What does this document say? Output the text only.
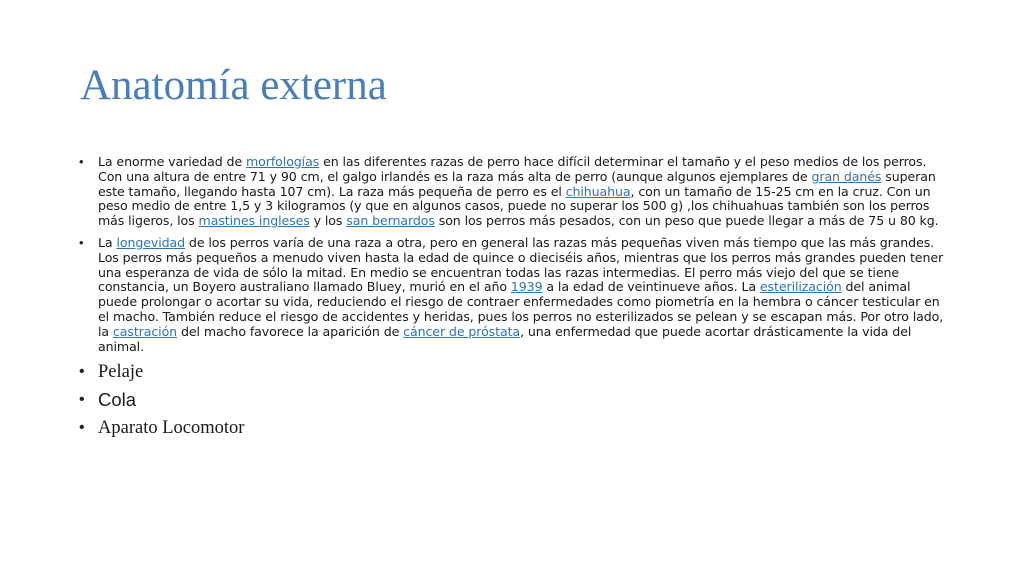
Anatomía externa
• La enorme variedad de morfologías en las diferentes razas de perro hace difícil determinar el tamaño y el peso medios de los perros. Con una altura de entre 71 y 90 cm, el galgo irlandés es la raza más alta de perro (aunque algunos ejemplares de gran danés superan este tamaño, llegando hasta 107 cm). La raza más pequeña de perro es el chihuahua, con un tamaño de 15-25 cm en la cruz. Con un peso medio de entre 1,5 y 3 kilogramos (y que en algunos casos, puede no superar los 500 g) ,los chihuahuas también son los perros más ligeros, los mastines ingleses y los san bernardos son los perros más pesados, con un peso que puede llegar a más de 75 u 80 kg.
• La longevidad de los perros varía de una raza a otra, pero en general las razas más pequeñas viven más tiempo que las más grandes. Los perros más pequeños a menudo viven hasta la edad de quince o dieciséis años, mientras que los perros más grandes pueden tener una esperanza de vida de sólo la mitad. En medio se encuentran todas las razas intermedias. El perro más viejo del que se tiene constancia, un Boyero australiano llamado Bluey, murió en el año 1939 a la edad de veintinueve años. La esterilización del animal puede prolongar o acortar su vida, reduciendo el riesgo de contraer enfermedades como piometría en la hembra o cáncer testicular en el macho. También reduce el riesgo de accidentes y heridas, pues los perros no esterilizados se pelean y se escapan más. Por otro lado, la castración del macho favorece la aparición de cáncer de próstata, una enfermedad que puede acortar drásticamente la vida del animal.
• Pelaje
• Cola
• Aparato Locomotor
